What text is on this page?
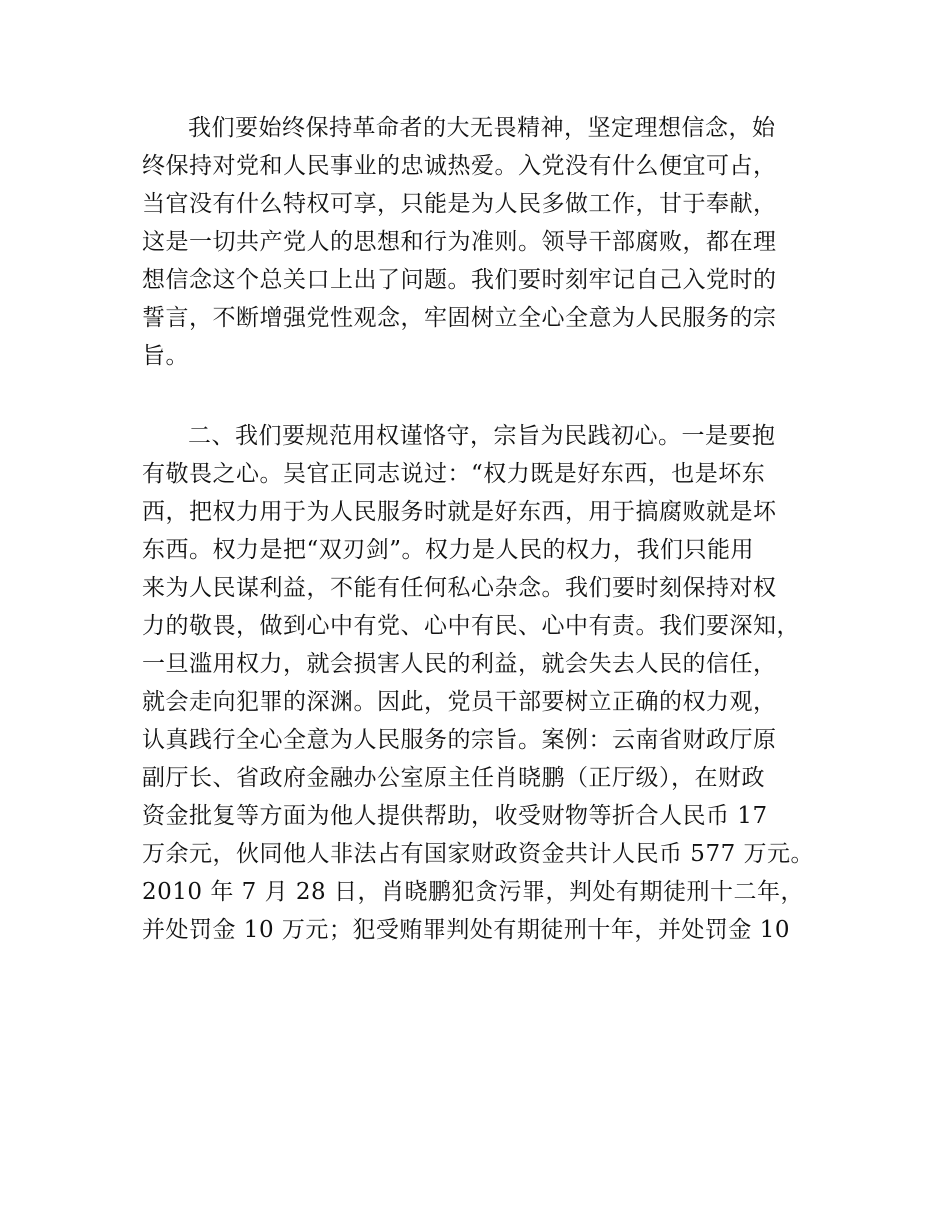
我们要始终保持革命者的大无畏精神，坚定理想信念，始
终保持对党和人民事业的忠诚热爱。入党没有什么便宜可占，
当官没有什么特权可享，只能是为人民多做工作，甘于奉献，
这是一切共产党人的思想和行为准则。领导干部腐败，都在理
想信念这个总关口上出了问题。我们要时刻牢记自己入党时的
誓言，不断增强党性观念，牢固树立全心全意为人民服务的宗
旨。
二、我们要规范用权谨恪守，宗旨为民践初心。一是要抱
有敬畏之心。吴官正同志说过：“权力既是好东西，也是坏东
西，把权力用于为人民服务时就是好东西，用于搞腐败就是坏
东西。权力是把“双刃剑”。权力是人民的权力，我们只能用
来为人民谋利益，不能有任何私心杂念。我们要时刻保持对权
力的敬畏，做到心中有党、心中有民、心中有责。我们要深知，
一旦滥用权力，就会损害人民的利益，就会失去人民的信任，
就会走向犯罪的深渊。因此，党员干部要树立正确的权力观，
认真践行全心全意为人民服务的宗旨。案例：云南省财政厅原
副厅长、省政府金融办公室原主任肖晓鹏（正厅级），在财政
资金批复等方面为他人提供帮助，收受财物等折合人民币 17
万余元，伙同他人非法占有国家财政资金共计人民币 577 万元。
2010 年 7 月 28 日，肖晓鹏犯贪污罪，判处有期徒刑十二年，
并处罚金 10 万元；犯受贿罪判处有期徒刑十年，并处罚金 10
